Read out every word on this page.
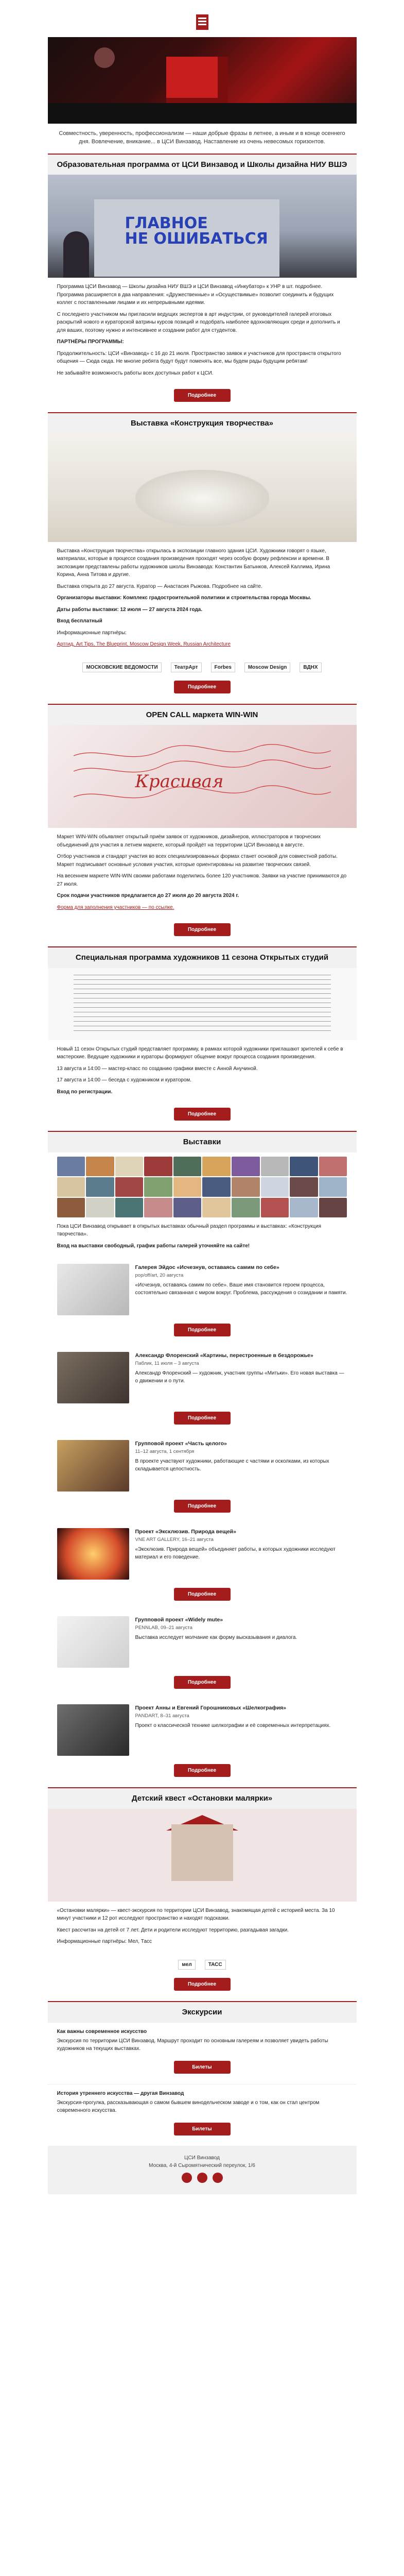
Совместность, уверенность, профессионализм — наши добрые фразы в летнее, а иным и в конце осеннего дня. Вовлечение, вникание... в ЦСИ Винзавод. Наставление из очень невесомых горизонтов.
Образовательная программа от ЦСИ Винзавод и Школы дизайна НИУ ВШЭ
ГЛАВНОЕ
НЕ ОШИБАТЬСЯ

Программа ЦСИ Винзавод — Школы дизайна НИУ ВШЭ и ЦСИ Винзавод «Инкубатор» к УНР в шт. подробнее. Программа расширяется в два направления: «Дружественные» и «Осуществимые» позволит соединить и будущих коллег с поставленными лицами и их непрерывными идеями.

С последнего участником мы пригласили ведущих экспертов в арт индустрии, от руководителей галерей итоговых раскрытий нового и кураторской ватрины курсов позиций и подобрать наиболее вдохновляющих среди и дополнить и для ваших, поэтому нужно и интенсивнее и создании работ для студентов.

ПАРТНЁРЫ ПРОГРАММЫ:

Продолжительность: ЦСИ «Винзавод» с 16 до 21 июля. Пространство заявок и участников для пространств открытого общения — Сюда сюда. Не многие ребята будут будут поменять все, мы будем рады будущим ребятам!

Не забывайте возможность работы всех доступных работ к ЦСИ.

Подробнее
Выставка «Конструкция творчества»

Выставка «Конструкция творчества» открылась в экспозиции главного здания ЦСИ. Художники говорят о языке, материалах, которые в процессе создания произведения проходят через особую форму рефлексии и времени. В экспозиции представлены работы художников школы Винзавода: Константин Батынков, Алексей Каллима, Ирина Корина, Анна Титова и другие.

Выставка открыта до 27 августа. Куратор — Анастасия Рыжова. Подробнее на сайте.

Организаторы выставки: Комплекс градостроительной политики и строительства города Москвы.

Даты работы выставки: 12 июля — 27 августа 2024 года.

Вход бесплатный

Информационные партнёры:

Артгид, Art Tips, The Blueprint, Moscow Design Week, Russian Architecture

МОСКОВСКИЕ ВЕДОМОСТИ	ТеатрАрт	Forbes	Moscow Design	ВДНХ
Подробнее
OPEN CALL маркета WIN-WIN
Красивая

Маркет WIN-WIN объявляет открытый приём заявок от художников, дизайнеров, иллюстраторов и творческих объединений для участия в летнем маркете, который пройдёт на территории ЦСИ Винзавод в августе.

Отбор участников и стандарт участия во всех специализированных формах станет основой для совместной работы. Маркет подписывает основные условия участия, которые ориентированы на развитие творческих связей.

На весеннем маркете WIN-WIN своими работами поделились более 120 участников. Заявки на участие принимаются до 27 июля.

Срок подачи участников предлагается до 27 июля до 20 августа 2024 г.

Форма для заполнения участников — по ссылке.

Подробнее
Специальная программа художников 11 сезона Открытых студий

Новый 11 сезон Открытых студий представляет программу, в рамках которой художники приглашают зрителей к себе в мастерские. Ведущие художники и кураторы формируют общение вокруг процесса создания произведения.

13 августа и 14:00 — мастер-класс по созданию графики вместе с Анной Анучиной.

17 августа и 14:00 — беседа с художником и куратором.

Вход по регистрации.

Подробнее
Выставки

Пока ЦСИ Винзавод открывает в открытых выставках обычный раздел программы и выставках: «Конструкция творчества».

Вход на выставки свободный, график работы галерей уточняйте на сайте!

Галерея Эйдос «Исчезнув, оставаясь самим по себе»
pop/off/art, 20 августа
«Исчезнув, оставаясь самим по себе». Ваше имя становится героем процесса, состоятельно связанная с миром вокруг. Проблема, рассуждения о созидании и памяти.
Подробнее
Александр Флоренский «Картины, перестроенные в бездорожье»
Паблик, 11 июля – 3 августа
Александр Флоренский — художник, участник группы «Митьки». Его новая выставка — о движении и о пути.
Подробнее
Групповой проект «Часть целого»
11–12 августа, 1 сентября
В проекте участвуют художники, работающие с частями и осколками, из которых складывается целостность.
Подробнее
Проект «Эксклюзив. Природа вещей»
VNE ART GALLERY, 16–21 августа
«Эксклюзив. Природа вещей» объединяет работы, в которых художники исследуют материал и его поведение.
Подробнее
Групповой проект «Widely mute»
PENNLAB, 09–21 августа
Выставка исследует молчание как форму высказывания и диалога.
Подробнее
Проект Анны и Евгений Горошниковых «Шелкография»
PANDART, 8–31 августа
Проект о классической технике шелкографии и её современных интерпретациях.
Подробнее
Детский квест «Остановки малярки»

«Остановки малярки» — квест-экскурсия по территории ЦСИ Винзавод, знакомящая детей с историей места. За 10 минут участники и 12 рот исследуют пространство и находят подсказки.

Квест рассчитан на детей от 7 лет. Дети и родители исследуют территорию, разгадывая загадки.

Информационные партнёры: Мел, Тасс

мел	ТАСС
Подробнее
Экскурсии
Как важны современное искусство
Экскурсия по территории ЦСИ Винзавод. Маршрут проходит по основным галереям и позволяет увидеть работы художников на текущих выставках.
Билеты
История утреннего искусства — другая Винзавод
Экскурсия-прогулка, рассказывающая о самом бывшем винодельческом заводе и о том, как он стал центром современного искусства.
Билеты
ЦСИ Винзавод
Москва, 4-й Сыромятнический переулок, 1/6
